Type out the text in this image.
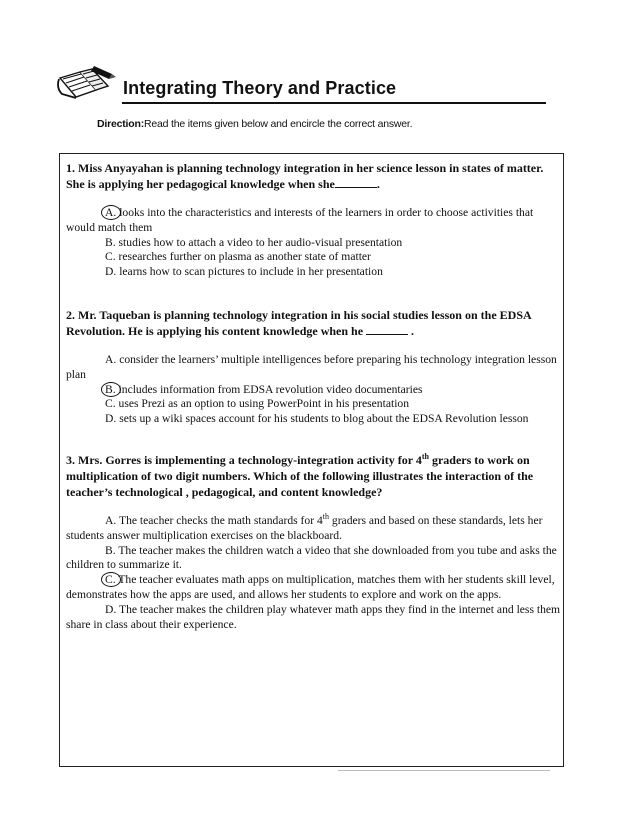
Integrating Theory and Practice
Direction:Read the items given below and encircle the correct answer.

1. Miss Anyayahan is planning technology integration in her science lesson in states of matter. She is applying her pedagogical knowledge when she	.

A. looks into the characteristics and interests of the learners in order to choose activities that would match them

B. studies how to attach a video to her audio-visual presentation

C. researches further on plasma as another state of matter

D. learns how to scan pictures to include in her presentation

2. Mr. Taqueban is planning technology integration in his social studies lesson on the EDSA Revolution. He is applying his content knowledge when he	.

A. consider the learners’ multiple intelligences before preparing his technology integration lesson plan

B. includes information from EDSA revolution video documentaries

C. uses Prezi as an option to using PowerPoint in his presentation

D. sets up a wiki spaces account for his students to blog about the EDSA Revolution lesson

3. Mrs. Gorres is implementing a technology-integration activity for 4th graders to work on multiplication of two digit numbers. Which of the following illustrates the interaction of the teacher’s technological , pedagogical, and content knowledge?

A. The teacher checks the math standards for 4th graders and based on these standards, lets her students answer multiplication exercises on the blackboard.

B. The teacher makes the children watch a video that she downloaded from you tube and asks the children to summarize it.

C. The teacher evaluates math apps on multiplication, matches them with her students skill level, demonstrates how the apps are used, and allows her students to explore and work on the apps.

D. The teacher makes the children play whatever math apps they find in the internet and less them share in class about their experience.
